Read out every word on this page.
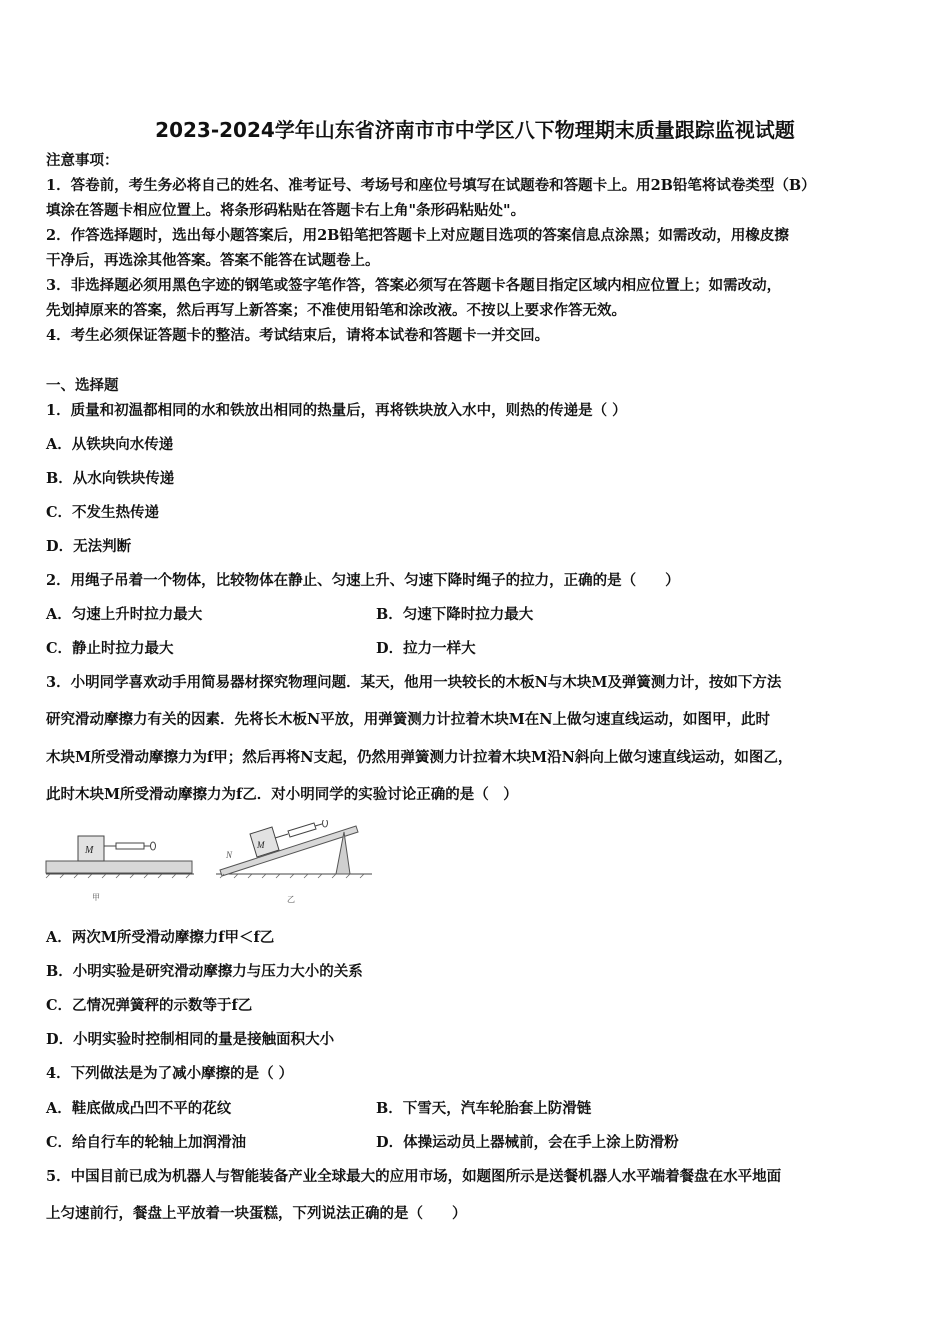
2023-2024学年山东省济南市市中学区八下物理期末质量跟踪监视试题
注意事项：
1．答卷前，考生务必将自己的姓名、准考证号、考场号和座位号填写在试题卷和答题卡上。用2B铅笔将试卷类型（B）
填涂在答题卡相应位置上。将条形码粘贴在答题卡右上角"条形码粘贴处"。
2．作答选择题时，选出每小题答案后，用2B铅笔把答题卡上对应题目选项的答案信息点涂黑；如需改动，用橡皮擦
干净后，再选涂其他答案。答案不能答在试题卷上。
3．非选择题必须用黑色字迹的钢笔或签字笔作答，答案必须写在答题卡各题目指定区域内相应位置上；如需改动，
先划掉原来的答案，然后再写上新答案；不准使用铅笔和涂改液。不按以上要求作答无效。
4．考生必须保证答题卡的整洁。考试结束后，请将本试卷和答题卡一并交回。
一、选择题
1．质量和初温都相同的水和铁放出相同的热量后，再将铁块放入水中，则热的传递是（ ）
A．从铁块向水传递
B．从水向铁块传递
C．不发生热传递
D．无法判断
2．用绳子吊着一个物体，比较物体在静止、匀速上升、匀速下降时绳子的拉力，正确的是（　　）
A．匀速上升时拉力最大	B．匀速下降时拉力最大
C．静止时拉力最大	D．拉力一样大
3．小明同学喜欢动手用简易器材探究物理问题．某天，他用一块较长的木板N与木块M及弹簧测力计，按如下方法
研究滑动摩擦力有关的因素．先将长木板N平放，用弹簧测力计拉着木块M在N上做匀速直线运动，如图甲，此时
木块M所受滑动摩擦力为f甲；然后再将N支起，仍然用弹簧测力计拉着木块M沿N斜向上做匀速直线运动，如图乙，
此时木块M所受滑动摩擦力为f乙．对小明同学的实验讨论正确的是（　）
M
甲
M
N
乙
A．两次M所受滑动摩擦力f甲＜f乙
B．小明实验是研究滑动摩擦力与压力大小的关系
C．乙情况弹簧秤的示数等于f乙
D．小明实验时控制相同的量是接触面积大小
4．下列做法是为了减小摩擦的是（ ）
A．鞋底做成凸凹不平的花纹	B．下雪天，汽车轮胎套上防滑链
C．给自行车的轮轴上加润滑油	D．体操运动员上器械前，会在手上涂上防滑粉
5．中国目前已成为机器人与智能装备产业全球最大的应用市场，如题图所示是送餐机器人水平端着餐盘在水平地面
上匀速前行，餐盘上平放着一块蛋糕，下列说法正确的是（　　）
